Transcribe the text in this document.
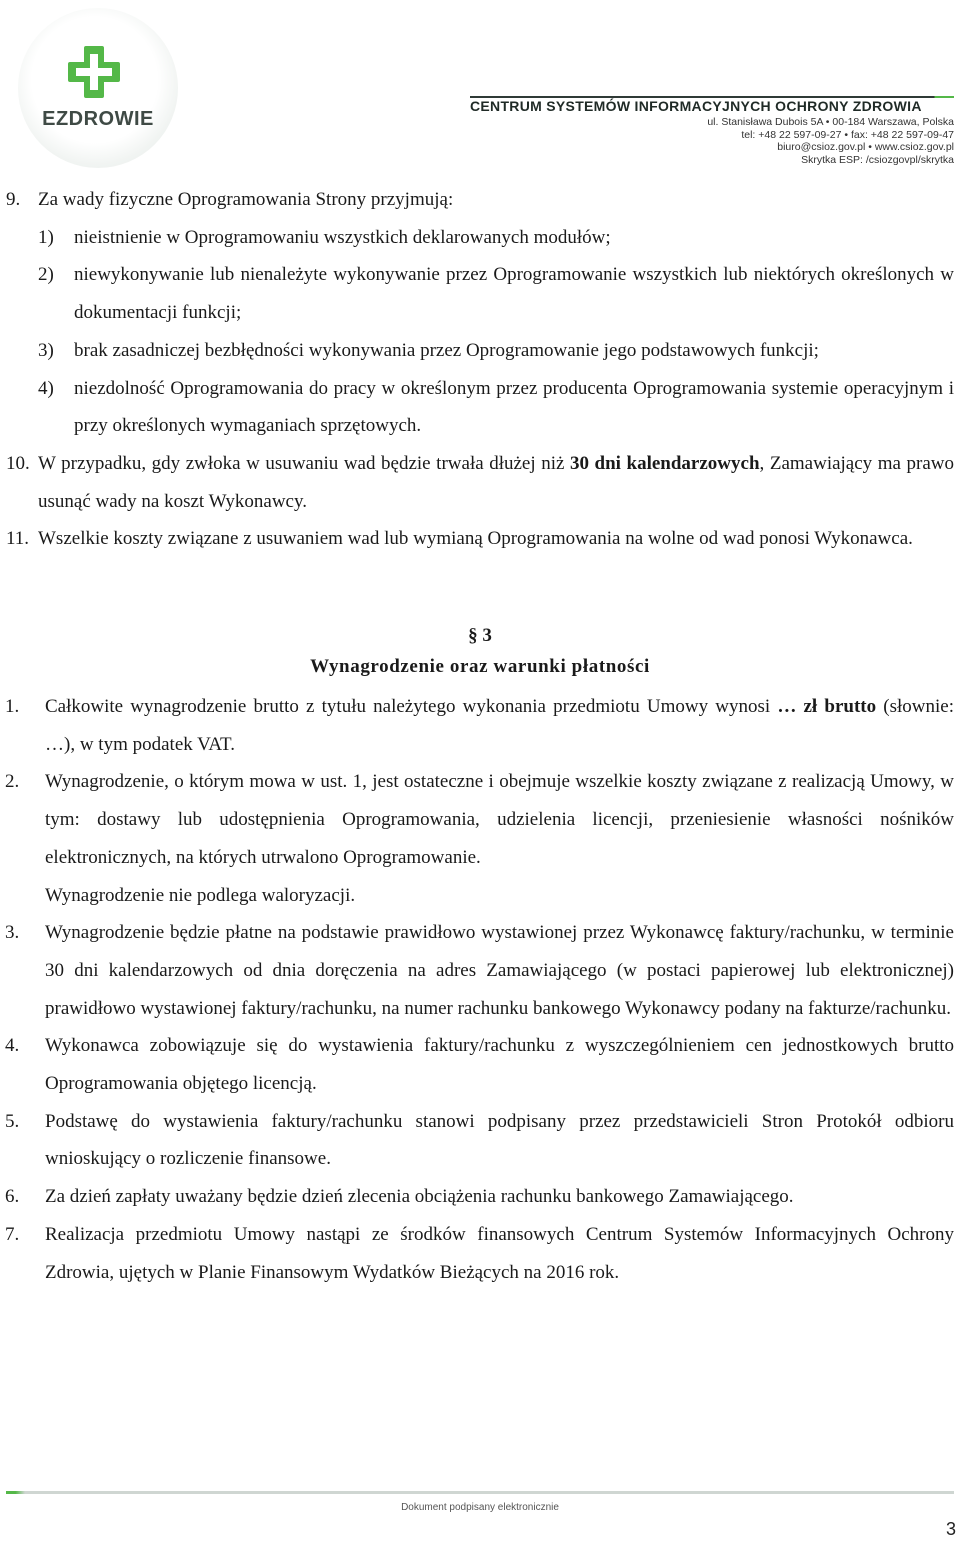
EZDROWIE
CENTRUM SYSTEMÓW INFORMACYJNYCH OCHRONY ZDROWIA
ul. Stanisława Dubois 5A • 00-184 Warszawa, Polska
tel: +48 22 597-09-27 • fax: +48 22 597-09-47
biuro@csioz.gov.pl • www.csioz.gov.pl
Skrytka ESP: /csiozgovpl/skrytka
9. Za wady fizyczne Oprogramowania Strony przyjmują:
1) nieistnienie w Oprogramowaniu wszystkich deklarowanych modułów;
2) niewykonywanie lub nienależyte wykonywanie przez Oprogramowanie wszystkich lub niektórych określonych w dokumentacji funkcji;
3) brak zasadniczej bezbłędności wykonywania przez Oprogramowanie jego podstawowych funkcji;
4) niezdolność Oprogramowania do pracy w określonym przez producenta Oprogramowania systemie operacyjnym i przy określonych wymaganiach sprzętowych.
10. W przypadku, gdy zwłoka w usuwaniu wad będzie trwała dłużej niż 30 dni kalendarzowych, Zamawiający ma prawo usunąć wady na koszt Wykonawcy.
11. Wszelkie koszty związane z usuwaniem wad lub wymianą Oprogramowania na wolne od wad ponosi Wykonawca.
§ 3
Wynagrodzenie oraz warunki płatności
1. Całkowite wynagrodzenie brutto z tytułu należytego wykonania przedmiotu Umowy wynosi … zł brutto (słownie: …), w tym podatek VAT.
2. Wynagrodzenie, o którym mowa w ust. 1, jest ostateczne i obejmuje wszelkie koszty związane z realizacją Umowy, w tym: dostawy lub udostępnienia Oprogramowania, udzielenia licencji, przeniesienie własności nośników elektronicznych, na których utrwalono Oprogramowanie.
Wynagrodzenie nie podlega waloryzacji.
3. Wynagrodzenie będzie płatne na podstawie prawidłowo wystawionej przez Wykonawcę faktury/rachunku, w terminie 30 dni kalendarzowych od dnia doręczenia na adres Zamawiającego (w postaci papierowej lub elektronicznej) prawidłowo wystawionej faktury/rachunku, na numer rachunku bankowego Wykonawcy podany na fakturze/rachunku.
4. Wykonawca zobowiązuje się do wystawienia faktury/rachunku z wyszczególnieniem cen jednostkowych brutto Oprogramowania objętego licencją.
5. Podstawę do wystawienia faktury/rachunku stanowi podpisany przez przedstawicieli Stron Protokół odbioru wnioskujący o rozliczenie finansowe.
6. Za dzień zapłaty uważany będzie dzień zlecenia obciążenia rachunku bankowego Zamawiającego.
7. Realizacja przedmiotu Umowy nastąpi ze środków finansowych Centrum Systemów Informacyjnych Ochrony Zdrowia, ujętych w Planie Finansowym Wydatków Bieżących na 2016 rok.
Dokument podpisany elektronicznie
3
